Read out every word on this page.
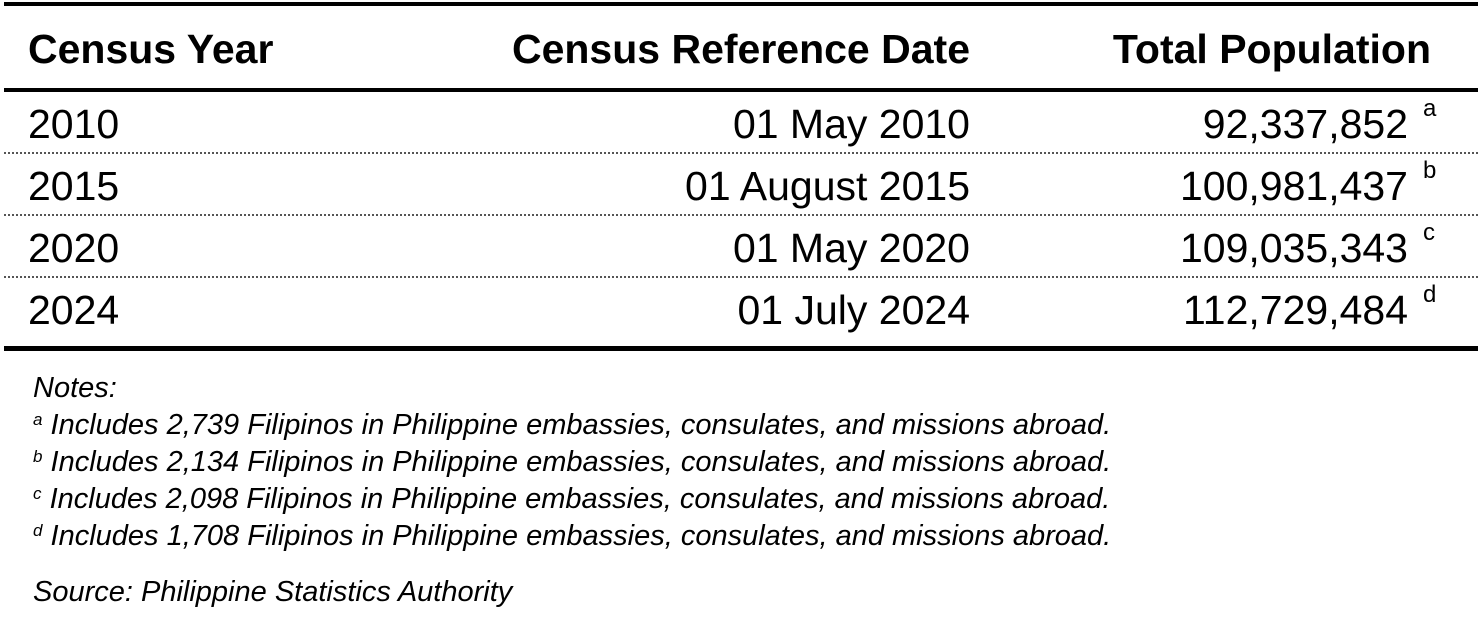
Census Year	Census Reference Date	Total Population
2010	01 May 2010	92,337,852 a
2015	01 August 2015	100,981,437 b
2020	01 May 2020	109,035,343 c
2024	01 July 2024	112,729,484 d
Notes:
$^a$ Includes 2,739 Filipinos in Philippine embassies, consulates, and missions abroad.
$^b$ Includes 2,134 Filipinos in Philippine embassies, consulates, and missions abroad.
$^c$ Includes 2,098 Filipinos in Philippine embassies, consulates, and missions abroad.
$^d$ Includes 1,708 Filipinos in Philippine embassies, consulates, and missions abroad.
Source: Philippine Statistics Authority
